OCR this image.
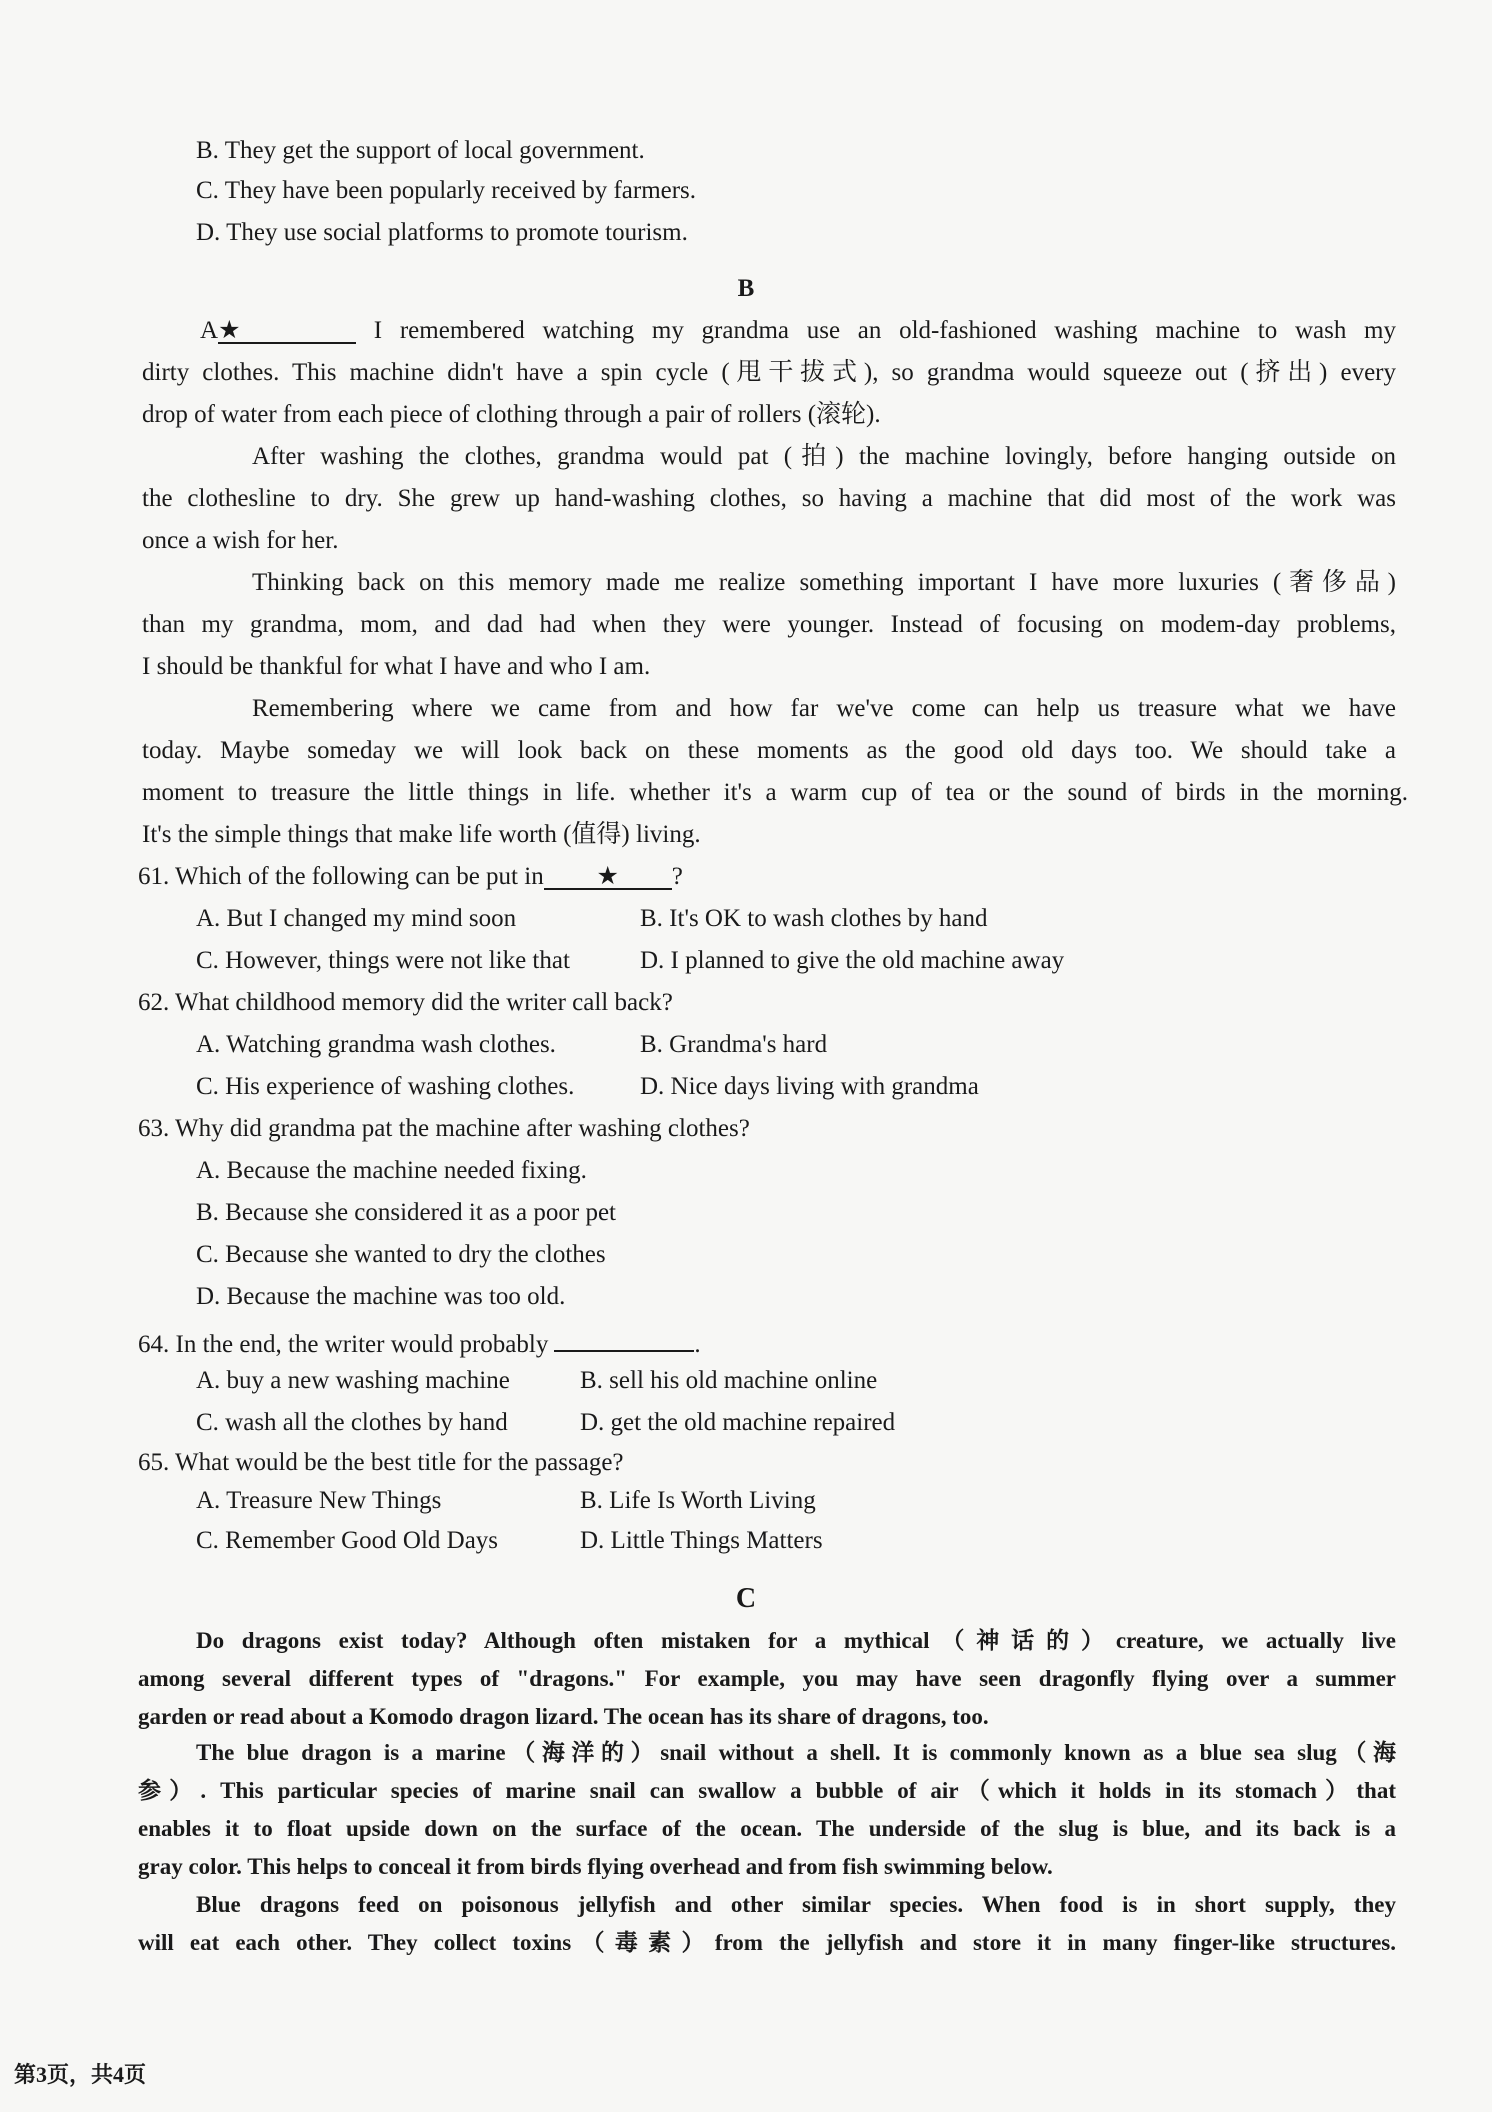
B. They get the support of local government.
C. They have been popularly received by farmers.
D. They use social platforms to promote tourism.
B
A★	I remembered watching my grandma use an old-fashioned washing machine to wash my
dirty clothes. This machine didn't have a spin cycle (甩干拔式), so grandma would squeeze out (挤出) every
drop of water from each piece of clothing through a pair of rollers (滚轮).
After washing the clothes, grandma would pat (拍) the machine lovingly, before hanging outside on
the clothesline to dry. She grew up hand-washing clothes, so having a machine that did most of the work was
once a wish for her.
Thinking back on this memory made me realize something important I have more luxuries (奢侈品)
than my grandma, mom, and dad had when they were younger. Instead of focusing on modem-day problems,
I should be thankful for what I have and who I am.
Remembering where we came from and how far we've come can help us treasure what we have
today. Maybe someday we will look back on these moments as the good old days too. We should take a
moment to treasure the little things in life. whether it's a warm cup of tea or the sound of birds in the morning.
It's the simple things that make life worth (值得) living.
61. Which of the following can be put in ★ ?
A. But I changed my mind soon	B. It's OK to wash clothes by hand
C. However, things were not like that	D. I planned to give the old machine away
62. What childhood memory did the writer call back?
A. Watching grandma wash clothes.	B. Grandma's hard
C. His experience of washing clothes.	D. Nice days living with grandma
63. Why did grandma pat the machine after washing clothes?
A. Because the machine needed fixing.
B. Because she considered it as a poor pet
C. Because she wanted to dry the clothes
D. Because the machine was too old.
64. In the end, the writer would probably	.
A. buy a new washing machine	B. sell his old machine online
C. wash all the clothes by hand	D. get the old machine repaired
65. What would be the best title for the passage?
A. Treasure New Things	B. Life Is Worth Living
C. Remember Good Old Days	D. Little Things Matters
C
Do dragons exist today? Although often mistaken for a mythical（神话的）creature, we actually live
among several different types of "dragons." For example, you may have seen dragonfly flying over a summer
garden or read about a Komodo dragon lizard. The ocean has its share of dragons, too.
The blue dragon is a marine（海洋的）snail without a shell. It is commonly known as a blue sea slug（海
参）. This particular species of marine snail can swallow a bubble of air（which it holds in its stomach）that
enables it to float upside down on the surface of the ocean. The underside of the slug is blue, and its back is a
gray color. This helps to conceal it from birds flying overhead and from fish swimming below.
Blue dragons feed on poisonous jellyfish and other similar species. When food is in short supply, they
will eat each other. They collect toxins（毒素）from the jellyfish and store it in many finger-like structures.
第3页，共4页
